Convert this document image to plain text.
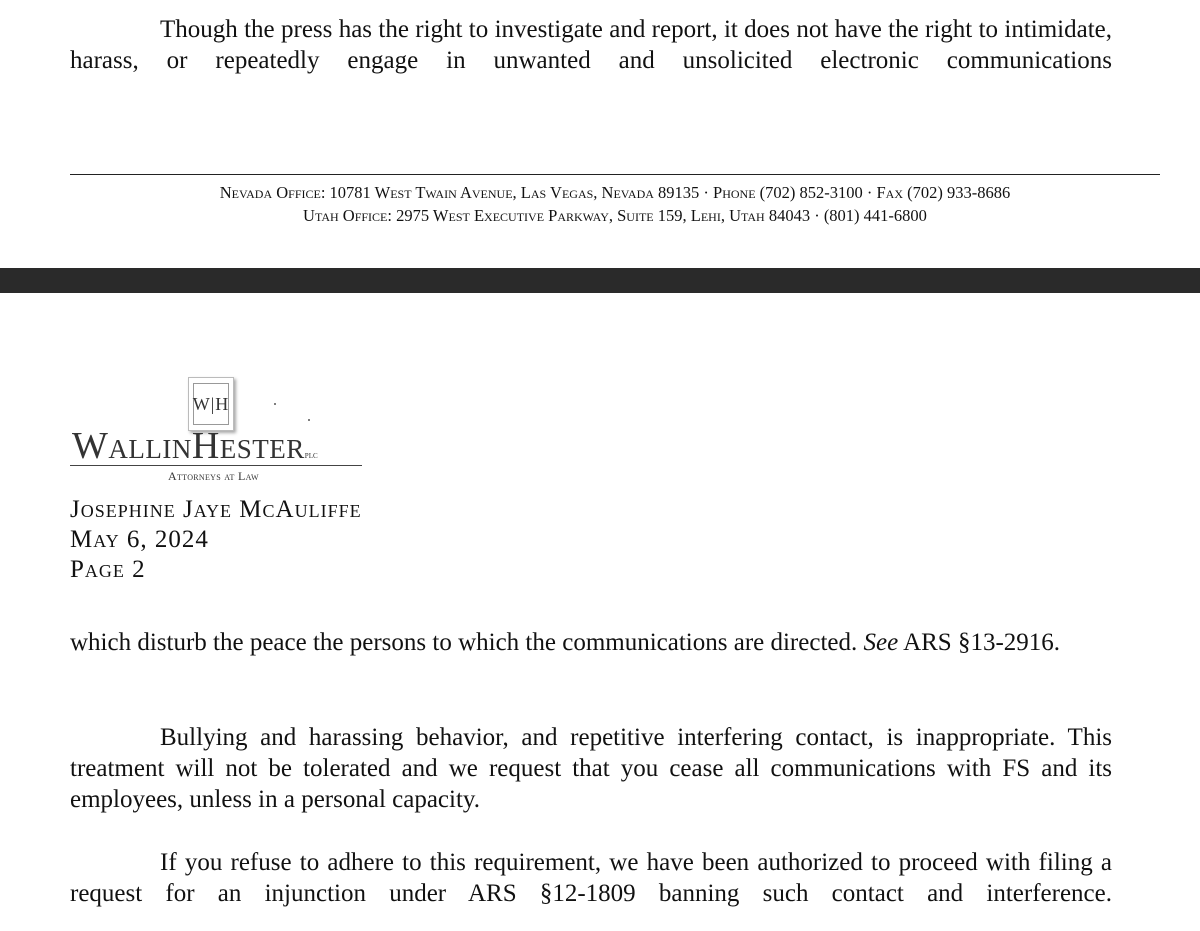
Though the press has the right to investigate and report, it does not have the right to intimidate, harass, or repeatedly engage in unwanted and unsolicited electronic communications

Nevada Office: 10781 West Twain Avenue, Las Vegas, Nevada 89135 · Phone (702) 852-3100 · Fax (702) 933-8686
Utah Office: 2975 West Executive Parkway, Suite 159, Lehi, Utah 84043 · (801) 441-6800
W|H
WallinHesterplc
Attorneys at Law
Josephine Jaye McAuliffe
May 6, 2024
Page 2

which disturb the peace the persons to which the communications are directed. See ARS §13-2916.

Bullying and harassing behavior, and repetitive interfering contact, is inappropriate. This treatment will not be tolerated and we request that you cease all communications with FS and its employees, unless in a personal capacity.

If you refuse to adhere to this requirement, we have been authorized to proceed with filing a request for an injunction under ARS §12-1809 banning such contact and interference.
